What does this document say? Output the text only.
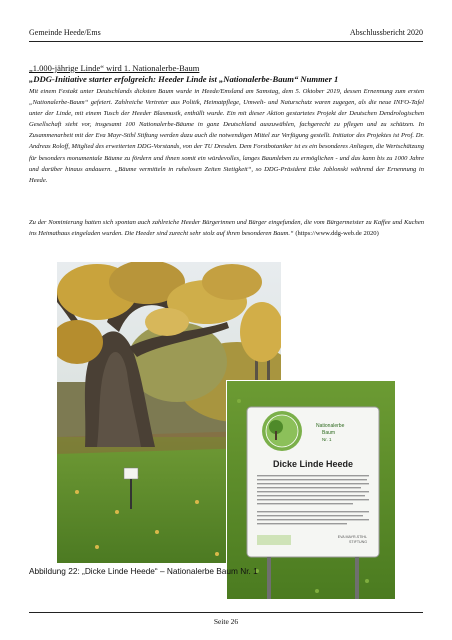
Gemeinde Heede/Ems	Abschlussbericht 2020
„1.000-jährige Linde“ wird 1. Nationalerbe-Baum
„DDG-Initiative starter erfolgreich: Heeder Linde ist „Nationalerbe-Baum“ Nummer 1
Mit einem Festakt unter Deutschlands dicksten Baum wurde in Heede/Emsland am Samstag, dem 5. Oktober 2019, dessen Ernennung zum ersten „Nationalerbe-Baum“ gefeiert. Zahlreiche Vertreter aus Politik, Heimatpflege, Umwelt- und Naturschutz waren zugegen, als die neue INFO-Tafel unter der Linde, mit einem Tusch der Heeder Blasmusik, enthüllt wurde. Ein mit dieser Aktion gestartetes Projekt der Deutschen Dendrologischen Gesellschaft sieht vor, insgesamt 100 Nationalerbe-Bäume in ganz Deutschland auszuwählen, fachgerecht zu pflegen und zu schützen. In Zusammenarbeit mit der Eva Mayr-Stihl Stiftung werden dazu auch die notwendigen Mittel zur Verfügung gestellt. Initiator des Projektes ist Prof. Dr. Andreas Roloff, Mitglied des erweiterten DDG-Vorstands, von der TU Dresden. Dem Forstbotaniker ist es ein besonderes Anliegen, die Wertschätzung für besonders monumentale Bäume zu fördern und ihnen somit ein würdevolles, langes Baumleben zu ermöglichen - und das kann bis zu 1000 Jahre und darüber hinaus andauern. „Bäume vermitteln in ruhelosen Zeiten Stetigkeit“, so DDG-Präsident Eike Jablonski während der Ernennung in Heede.
Zu der Nominierung hatten sich spontan auch zahlreiche Heeder Bürgerinnen und Bürger eingefunden, die vom Bürgermeister zu Kaffee und Kuchen ins Heimathaus eingeladen wurden. Die Heeder sind zurecht sehr stolz auf ihren besonderen Baum.“ (https://www.ddg-web.de 2020)
Nationalerbe
Baum
Nr. 1
Dicke Linde Heede
EVA MAYR-STIHL
STIFTUNG
Abbildung 22: „Dicke Linde Heede“ – Nationalerbe Baum Nr. 1
Seite 26
